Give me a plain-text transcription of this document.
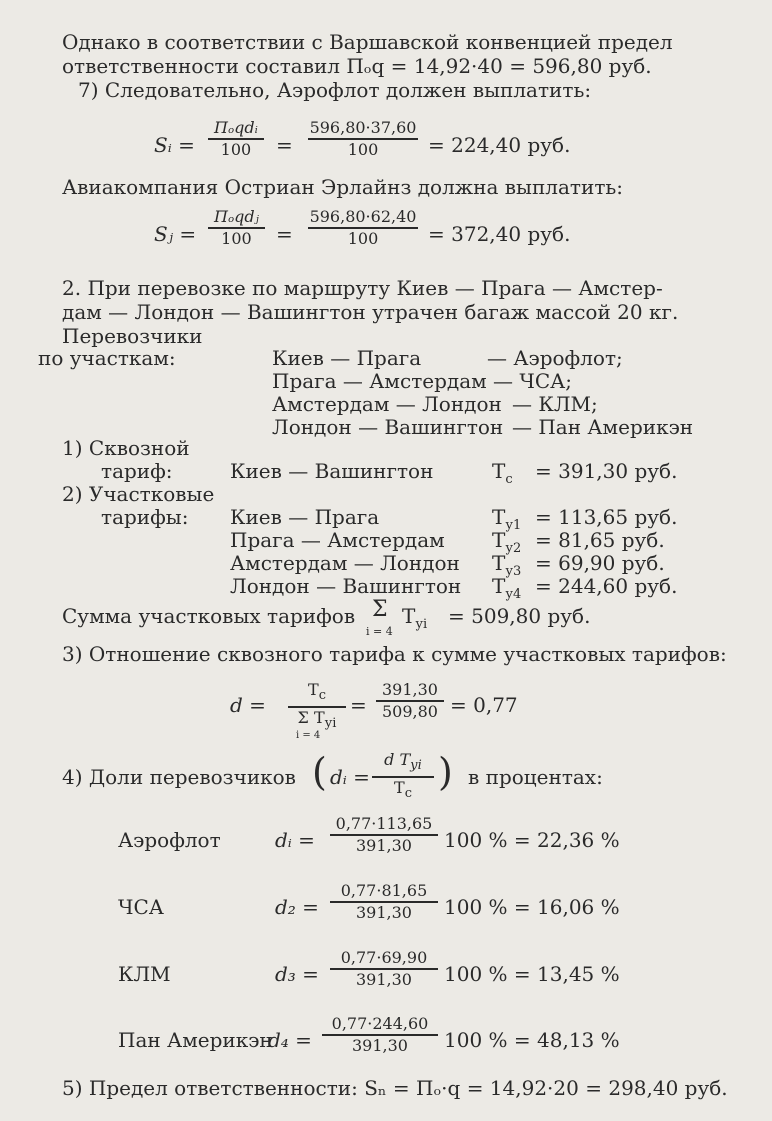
Однако в соответствии с Варшавской конвенцией предел
ответственности составил Пₒq = 14,92·40 = 596,80 руб.
7) Следовательно, Аэрофлот должен выплатить:
Sᵢ =
Пₒqdᵢ
100	=
596,80·37,60
100	= 224,40 руб.
Авиакомпания Остриан Эрлайнз должна выплатить:
Sⱼ =
Пₒqdⱼ
100	=
596,80·62,40
100	= 372,40 руб.
2. При перевозке по маршруту Киев — Прага — Амстер-
дам — Лондон — Вашингтон утрачен багаж массой 20 кг.
Перевозчики
по участкам:	Киев — Прага	— Аэрофлот;
Прага — Амстердам — ЧСА;
Амстердам — Лондон — КЛМ;
Лондон — Вашингтон — Пан Америкэн
1) Сквозной
тариф:	Киев — Вашингтон	$Т_с = 391,30$ руб.
2) Участковые
тарифы: Киев — Прага	$Т_{у1} = 113,65$ руб.
Прага — Амстердам $Т_{у2} = 81,65$ руб.
Амстердам — Лондон $Т_{у3} = 69,90$ руб.
Лондон — Вашингтон $Т_{у4} = 244,60$ руб.
Сумма участковых тарифов Σ
i = 4
$Т_{уi} = 509,80$ руб.
3) Отношение сквозного тарифа к сумме участковых тарифов:
d =
$Т_с$
Σ $Т_{уi}$
i = 4
=
391,30
509,80 = 0,77
4) Доли перевозчиков ( dᵢ =
d $Т_{уi}$
$Т_с$ ) в процентах:
Аэрофлот	dᵢ =
0,77·113,65
391,30	100 % = 22,36 %
ЧСА	d₂ =
0,77·81,65
391,30	100 % = 16,06 %
КЛМ	d₃ =
0,77·69,90
391,30	100 % = 13,45 %
Пан Америкэн
d₄ =
0,77·244,60
391,30	100 % = 48,13 %
5) Предел ответственности: Sₙ = Пₒ·q = 14,92·20 = 298,40 руб.
